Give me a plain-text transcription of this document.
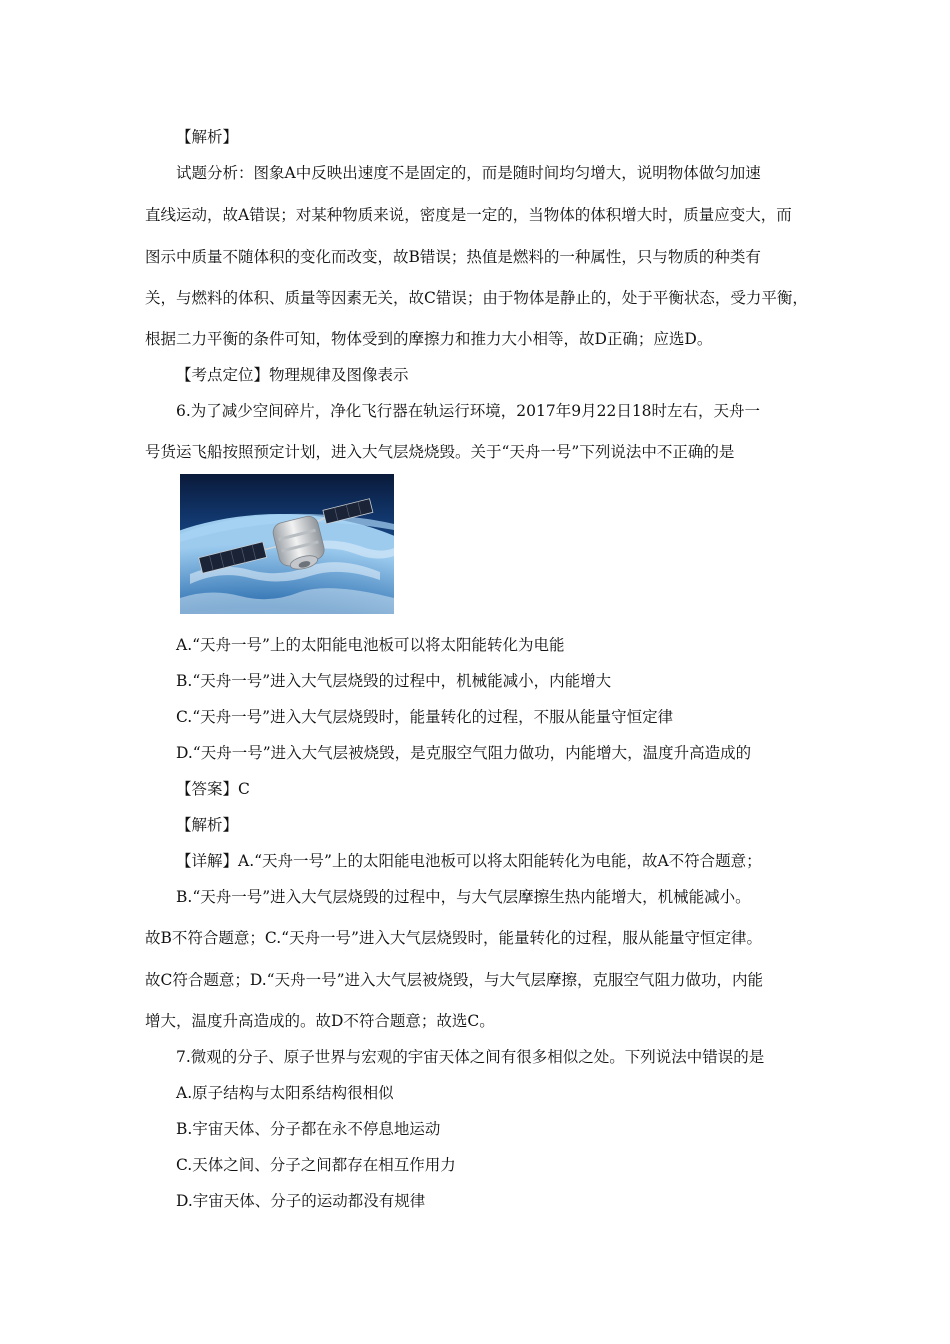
【解析】
试题分析：图象A中反映出速度不是固定的，而是随时间均匀增大，说明物体做匀加速
直线运动，故A错误；对某种物质来说，密度是一定的，当物体的体积增大时，质量应变大，而
图示中质量不随体积的变化而改变，故B错误；热值是燃料的一种属性，只与物质的种类有
关，与燃料的体积、质量等因素无关，故C错误；由于物体是静止的，处于平衡状态，受力平衡，
根据二力平衡的条件可知，物体受到的摩擦力和推力大小相等，故D正确；应选D。
【考点定位】物理规律及图像表示
6.为了减少空间碎片，净化飞行器在轨运行环境，2017年9月22日18时左右，天舟一
号货运飞船按照预定计划，进入大气层烧烧毁。关于“天舟一号”下列说法中不正确的是
A.“天舟一号”上的太阳能电池板可以将太阳能转化为电能
B.“天舟一号”进入大气层烧毁的过程中，机械能减小，内能增大
C.“天舟一号”进入大气层烧毁时，能量转化的过程，不服从能量守恒定律
D.“天舟一号”进入大气层被烧毁，是克服空气阻力做功，内能增大，温度升高造成的
【答案】C
【解析】
【详解】A.“天舟一号”上的太阳能电池板可以将太阳能转化为电能，故A不符合题意；
B.“天舟一号”进入大气层烧毁的过程中，与大气层摩擦生热内能增大，机械能减小。
故B不符合题意；C.“天舟一号”进入大气层烧毁时，能量转化的过程，服从能量守恒定律。
故C符合题意；D.“天舟一号”进入大气层被烧毁，与大气层摩擦，克服空气阻力做功，内能
增大，温度升高造成的。故D不符合题意；故选C。
7.微观的分子、原子世界与宏观的宇宙天体之间有很多相似之处。下列说法中错误的是
A.原子结构与太阳系结构很相似
B.宇宙天体、分子都在永不停息地运动
C.天体之间、分子之间都存在相互作用力
D.宇宙天体、分子的运动都没有规律
